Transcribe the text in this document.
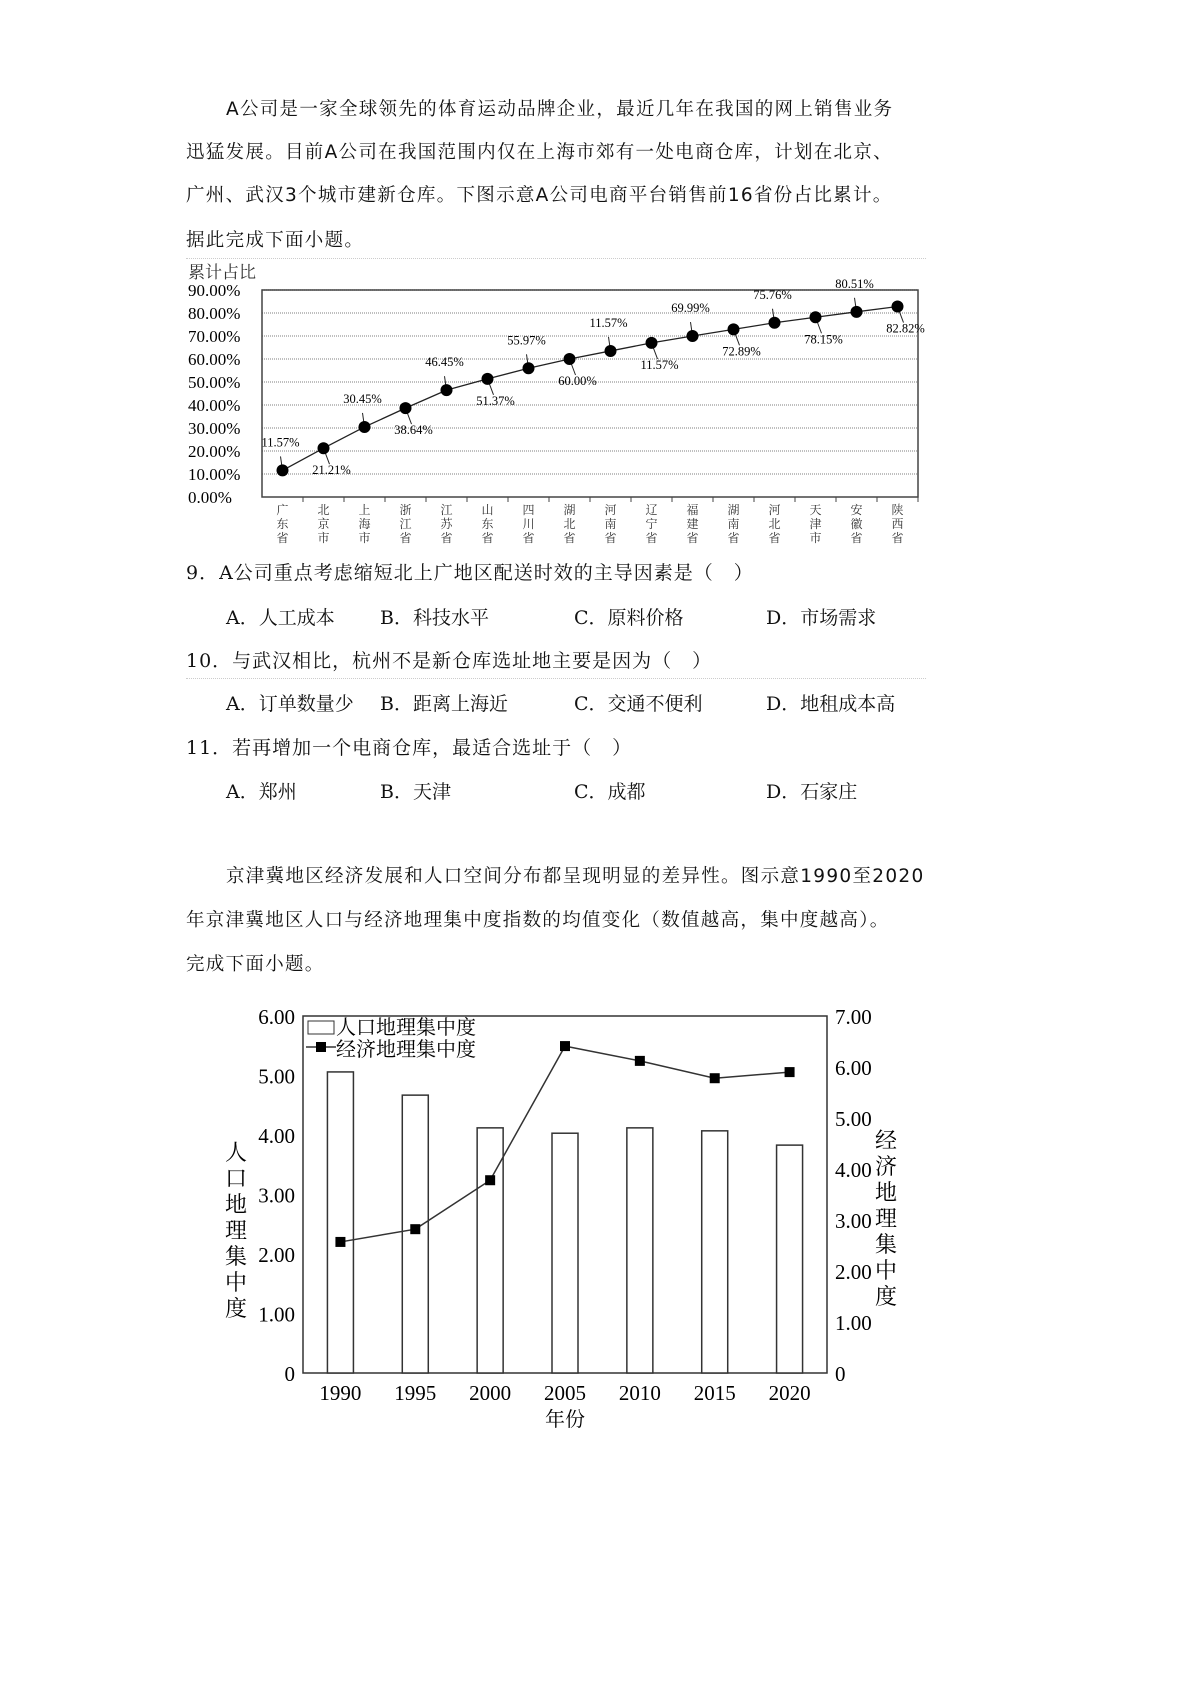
A公司是一家全球领先的体育运动品牌企业，最近几年在我国的网上销售业务
迅猛发展。目前A公司在我国范围内仅在上海市郊有一处电商仓库，计划在北京、
广州、武汉3个城市建新仓库。下图示意A公司电商平台销售前16省份占比累计。
据此完成下面小题。
累计占比
0.00%
10.00%
20.00%
30.00%
40.00%
50.00%
60.00%
70.00%
80.00%
90.00%
广
东
省
北
京
市
上
海
市
浙
江
省
江
苏
省
山
东
省
四
川
省
湖
北
省
河
南
省
辽
宁
省
福
建
省
湖
南
省
河
北
省
天
津
市
安
徽
省
陕
西
省
11.57%
21.21%
30.45%
38.64%
46.45%
51.37%
55.97%
60.00%
11.57%
11.57%
69.99%
72.89%
75.76%
78.15%
80.51%
82.82%
9．A公司重点考虑缩短北上广地区配送时效的主导因素是（　）
A．人工成本 B．科技水平	C．原料价格	D．市场需求
10．与武汉相比，杭州不是新仓库选址地主要是因为（　）
A．订单数量少 B．距离上海近	C．交通不便利	D．地租成本高
11．若再增加一个电商仓库，最适合选址于（　）
A．郑州	B．天津	C．成都	D．石家庄
京津冀地区经济发展和人口空间分布都呈现明显的差异性。图示意1990至2020
年京津冀地区人口与经济地理集中度指数的均值变化（数值越高，集中度越高）。
完成下面小题。
0
1.00
2.00
3.00
4.00
5.00
6.00
0
1.00
2.00
3.00
4.00
5.00
6.00
7.00
人
口
地
理
集
中
度
经
济
地
理
集
中
度
1990 1995 2000 2005 2010 2015 2020
年份
人口地理集中度
经济地理集中度
